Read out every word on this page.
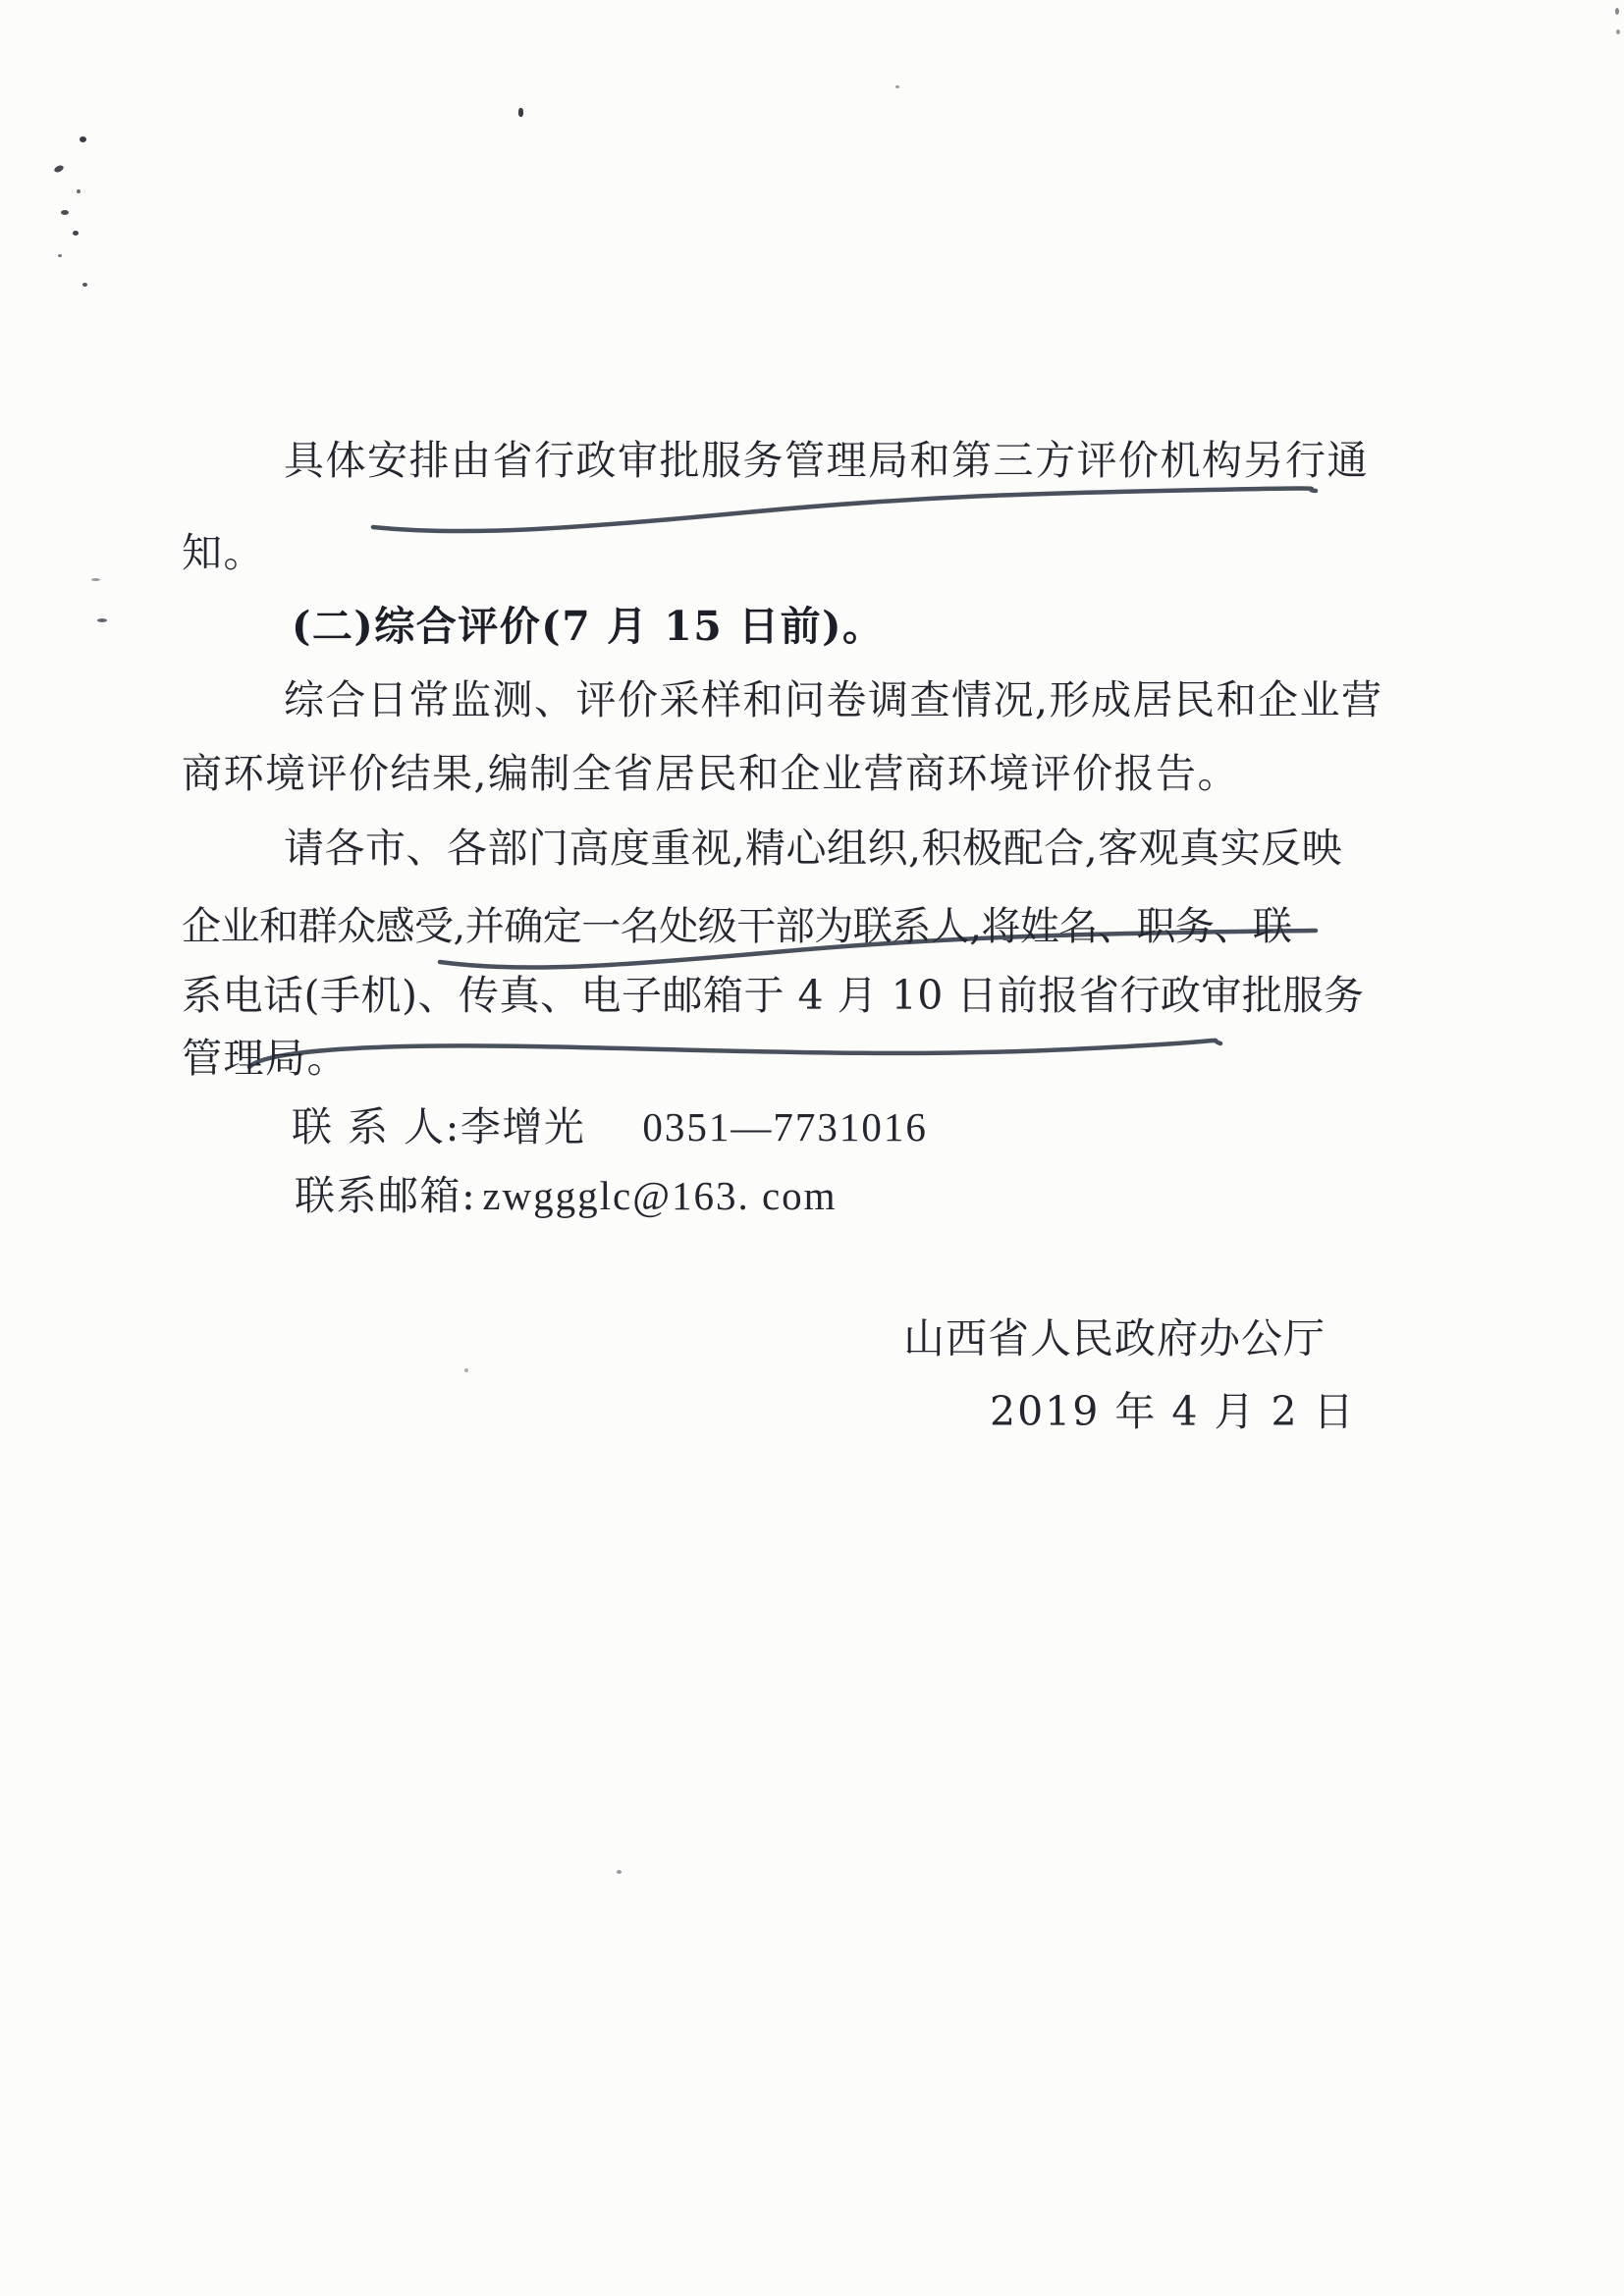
具体安排由省行政审批服务管理局和第三方评价机构另行通
知。
(二)综合评价(7 月 15 日前)。
综合日常监测、评价采样和问卷调查情况,形成居民和企业营
商环境评价结果,编制全省居民和企业营商环境评价报告。
请各市、各部门高度重视,精心组织,积极配合,客观真实反映
企业和群众感受,并确定一名处级干部为联系人,将姓名、职务、联
系电话(手机)、传真、电子邮箱于 4 月 10 日前报省行政审批服务
管理局。
联 系 人:李增光 0351—7731016
联系邮箱: zwggglc@163. com
山西省人民政府办公厅
2019 年 4 月 2 日
